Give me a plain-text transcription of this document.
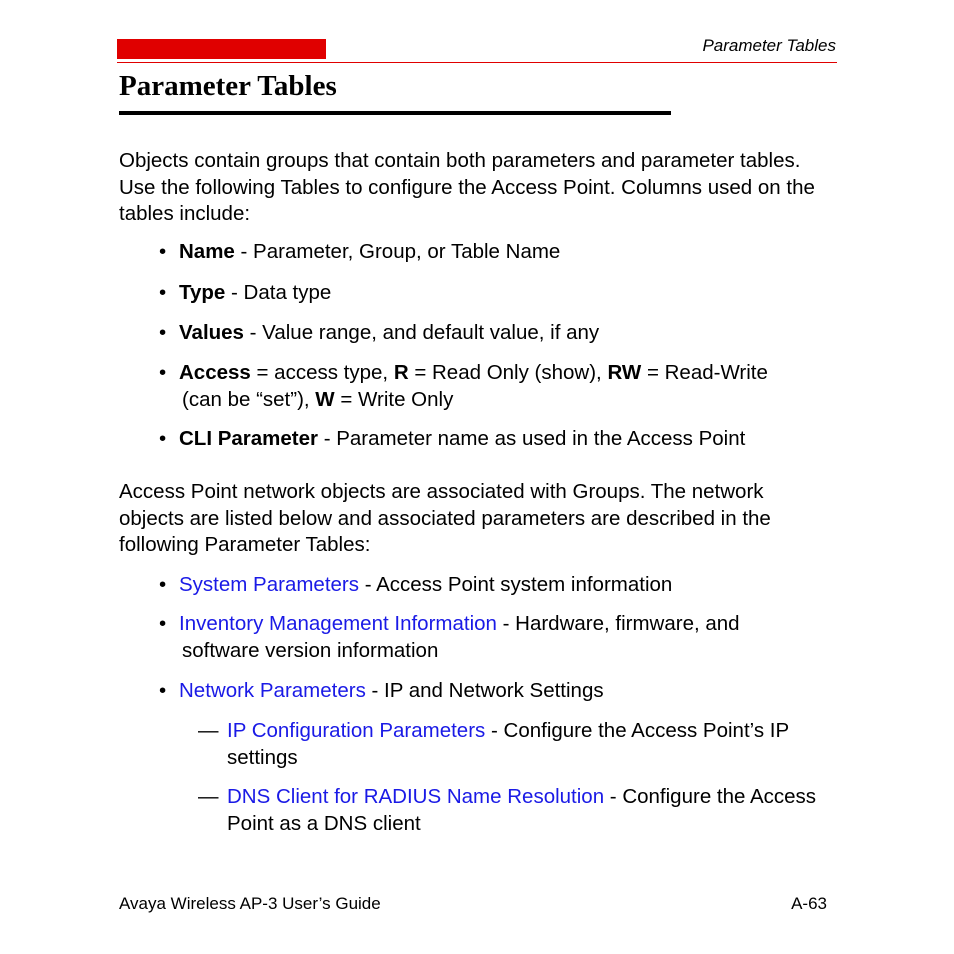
Parameter Tables
Parameter Tables

Objects contain groups that contain both parameters and parameter tables. Use the following Tables to configure the Access Point. Columns used on the tables include:

• Name - Parameter, Group, or Table Name

• Type - Data type

• Values - Value range, and default value, if any

• Access = access type, R = Read Only (show), RW = Read-Write
(can be “set”), W = Write Only

• CLI Parameter - Parameter name as used in the Access Point

Access Point network objects are associated with Groups. The network objects are listed below and associated parameters are described in the following Parameter Tables:

• System Parameters - Access Point system information

• Inventory Management Information - Hardware, firmware, and
software version information

• Network Parameters - IP and Network Settings

— IP Configuration Parameters - Configure the Access Point’s IP settings

— DNS Client for RADIUS Name Resolution - Configure the Access Point as a DNS client

Avaya Wireless AP-3 User’s Guide	A-63
